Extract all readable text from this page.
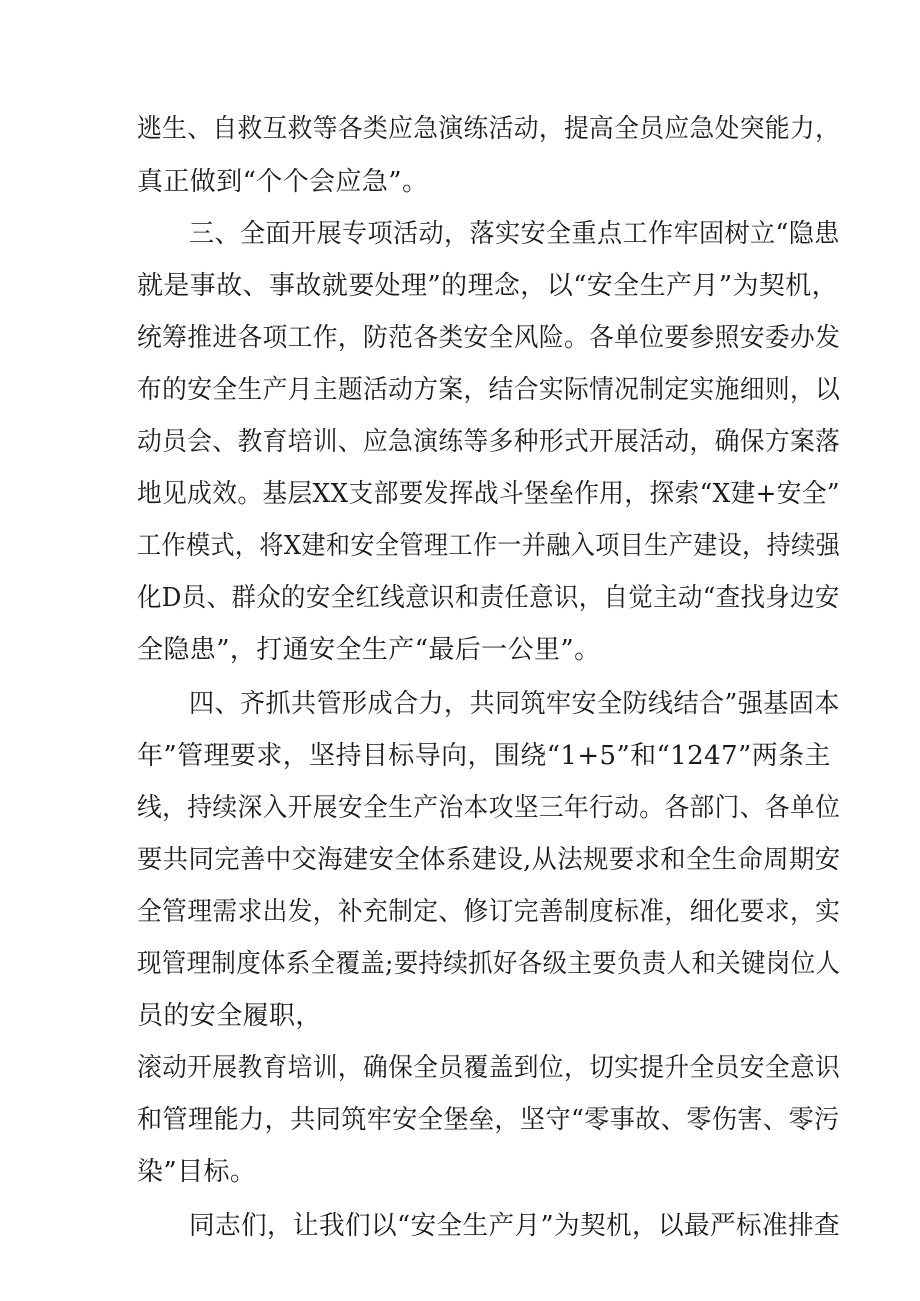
逃生、自救互救等各类应急演练活动，提高全员应急处突能力，
真正做到“个个会应急”。
三、全面开展专项活动，落实安全重点工作牢固树立“隐患
就是事故、事故就要处理”的理念，以“安全生产月”为契机，
统筹推进各项工作，防范各类安全风险。各单位要参照安委办发
布的安全生产月主题活动方案，结合实际情况制定实施细则，以
动员会、教育培训、应急演练等多种形式开展活动，确保方案落
地见成效。基层XX支部要发挥战斗堡垒作用，探索“X建+安全”
工作模式，将X建和安全管理工作一并融入项目生产建设，持续强
化D员、群众的安全红线意识和责任意识，自觉主动“查找身边安
全隐患”，打通安全生产“最后一公里”。
四、齐抓共管形成合力，共同筑牢安全防线结合”强基固本
年”管理要求，坚持目标导向，围绕“1+5”和“1247”两条主
线，持续深入开展安全生产治本攻坚三年行动。各部门、各单位
要共同完善中交海建安全体系建设,从法规要求和全生命周期安
全管理需求出发，补充制定、修订完善制度标准，细化要求，实
现管理制度体系全覆盖;要持续抓好各级主要负责人和关键岗位人
员的安全履职，
滚动开展教育培训，确保全员覆盖到位，切实提升全员安全意识
和管理能力，共同筑牢安全堡垒，坚守“零事故、零伤害、零污
染”目标。
同志们，让我们以“安全生产月”为契机，以最严标准排查
